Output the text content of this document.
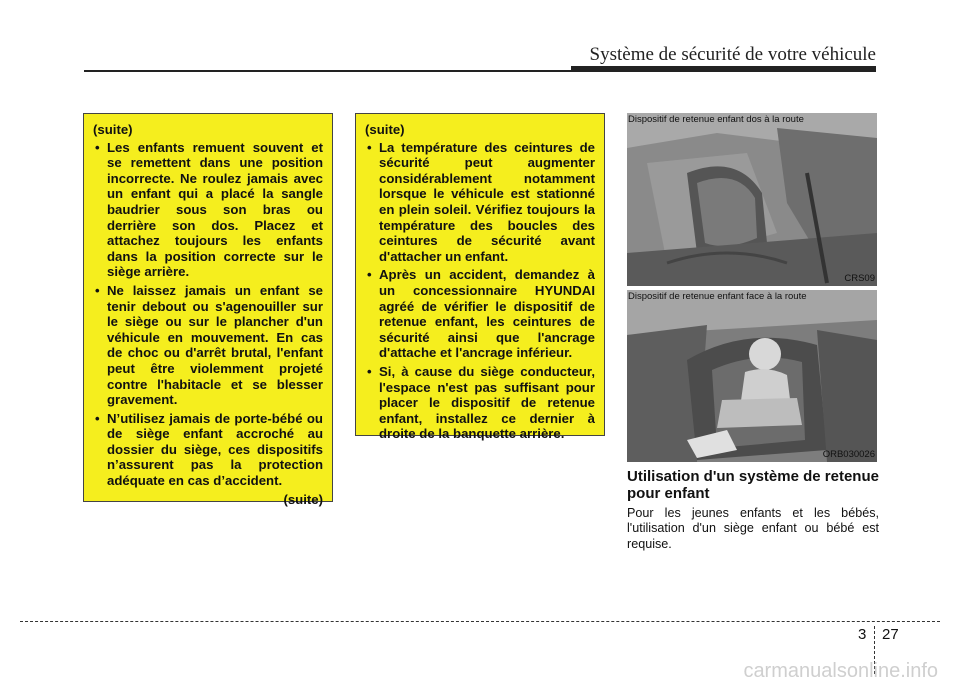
Système de sécurité de votre véhicule
(suite)
• Les enfants remuent souvent et se remettent dans une position incorrecte. Ne roulez jamais avec un enfant qui a placé la sangle baudrier sous son bras ou derrière son dos. Placez et attachez toujours les enfants dans la position correcte sur le siège arrière.
• Ne laissez jamais un enfant se tenir debout ou s'agenouiller sur le siège ou sur le plancher d'un véhicule en mouvement. En cas de choc ou d'arrêt brutal, l'enfant peut être violemment projeté contre l'habitacle et se blesser gravement.
• N’utilisez jamais de porte-bébé ou de siège enfant accroché au dossier du siège, ces dispositifs n’assurent pas la protection adéquate en cas d’accident.
(suite)
(suite)
• La température des ceintures de sécurité peut augmenter considérablement notamment lorsque le véhicule est stationné en plein soleil. Vérifiez toujours la température des boucles des ceintures de sécurité avant d'attacher un enfant.
• Après un accident, demandez à un concessionnaire HYUNDAI agréé de vérifier le dispositif de retenue enfant, les ceintures de sécurité ainsi que l'ancrage d'attache et l'ancrage inférieur.
• Si, à cause du siège conducteur, l'espace n'est pas suffisant pour placer le dispositif de retenue enfant, installez ce dernier à droite de la banquette arrière.
Dispositif de retenue enfant dos à la route
CRS09
Dispositif de retenue enfant face à la route
ORB030026
Utilisation d'un système de retenue pour enfant
Pour les jeunes enfants et les bébés, l'utilisation d'un siège enfant ou bébé est requise.
3 27
carmanualsonline.info
